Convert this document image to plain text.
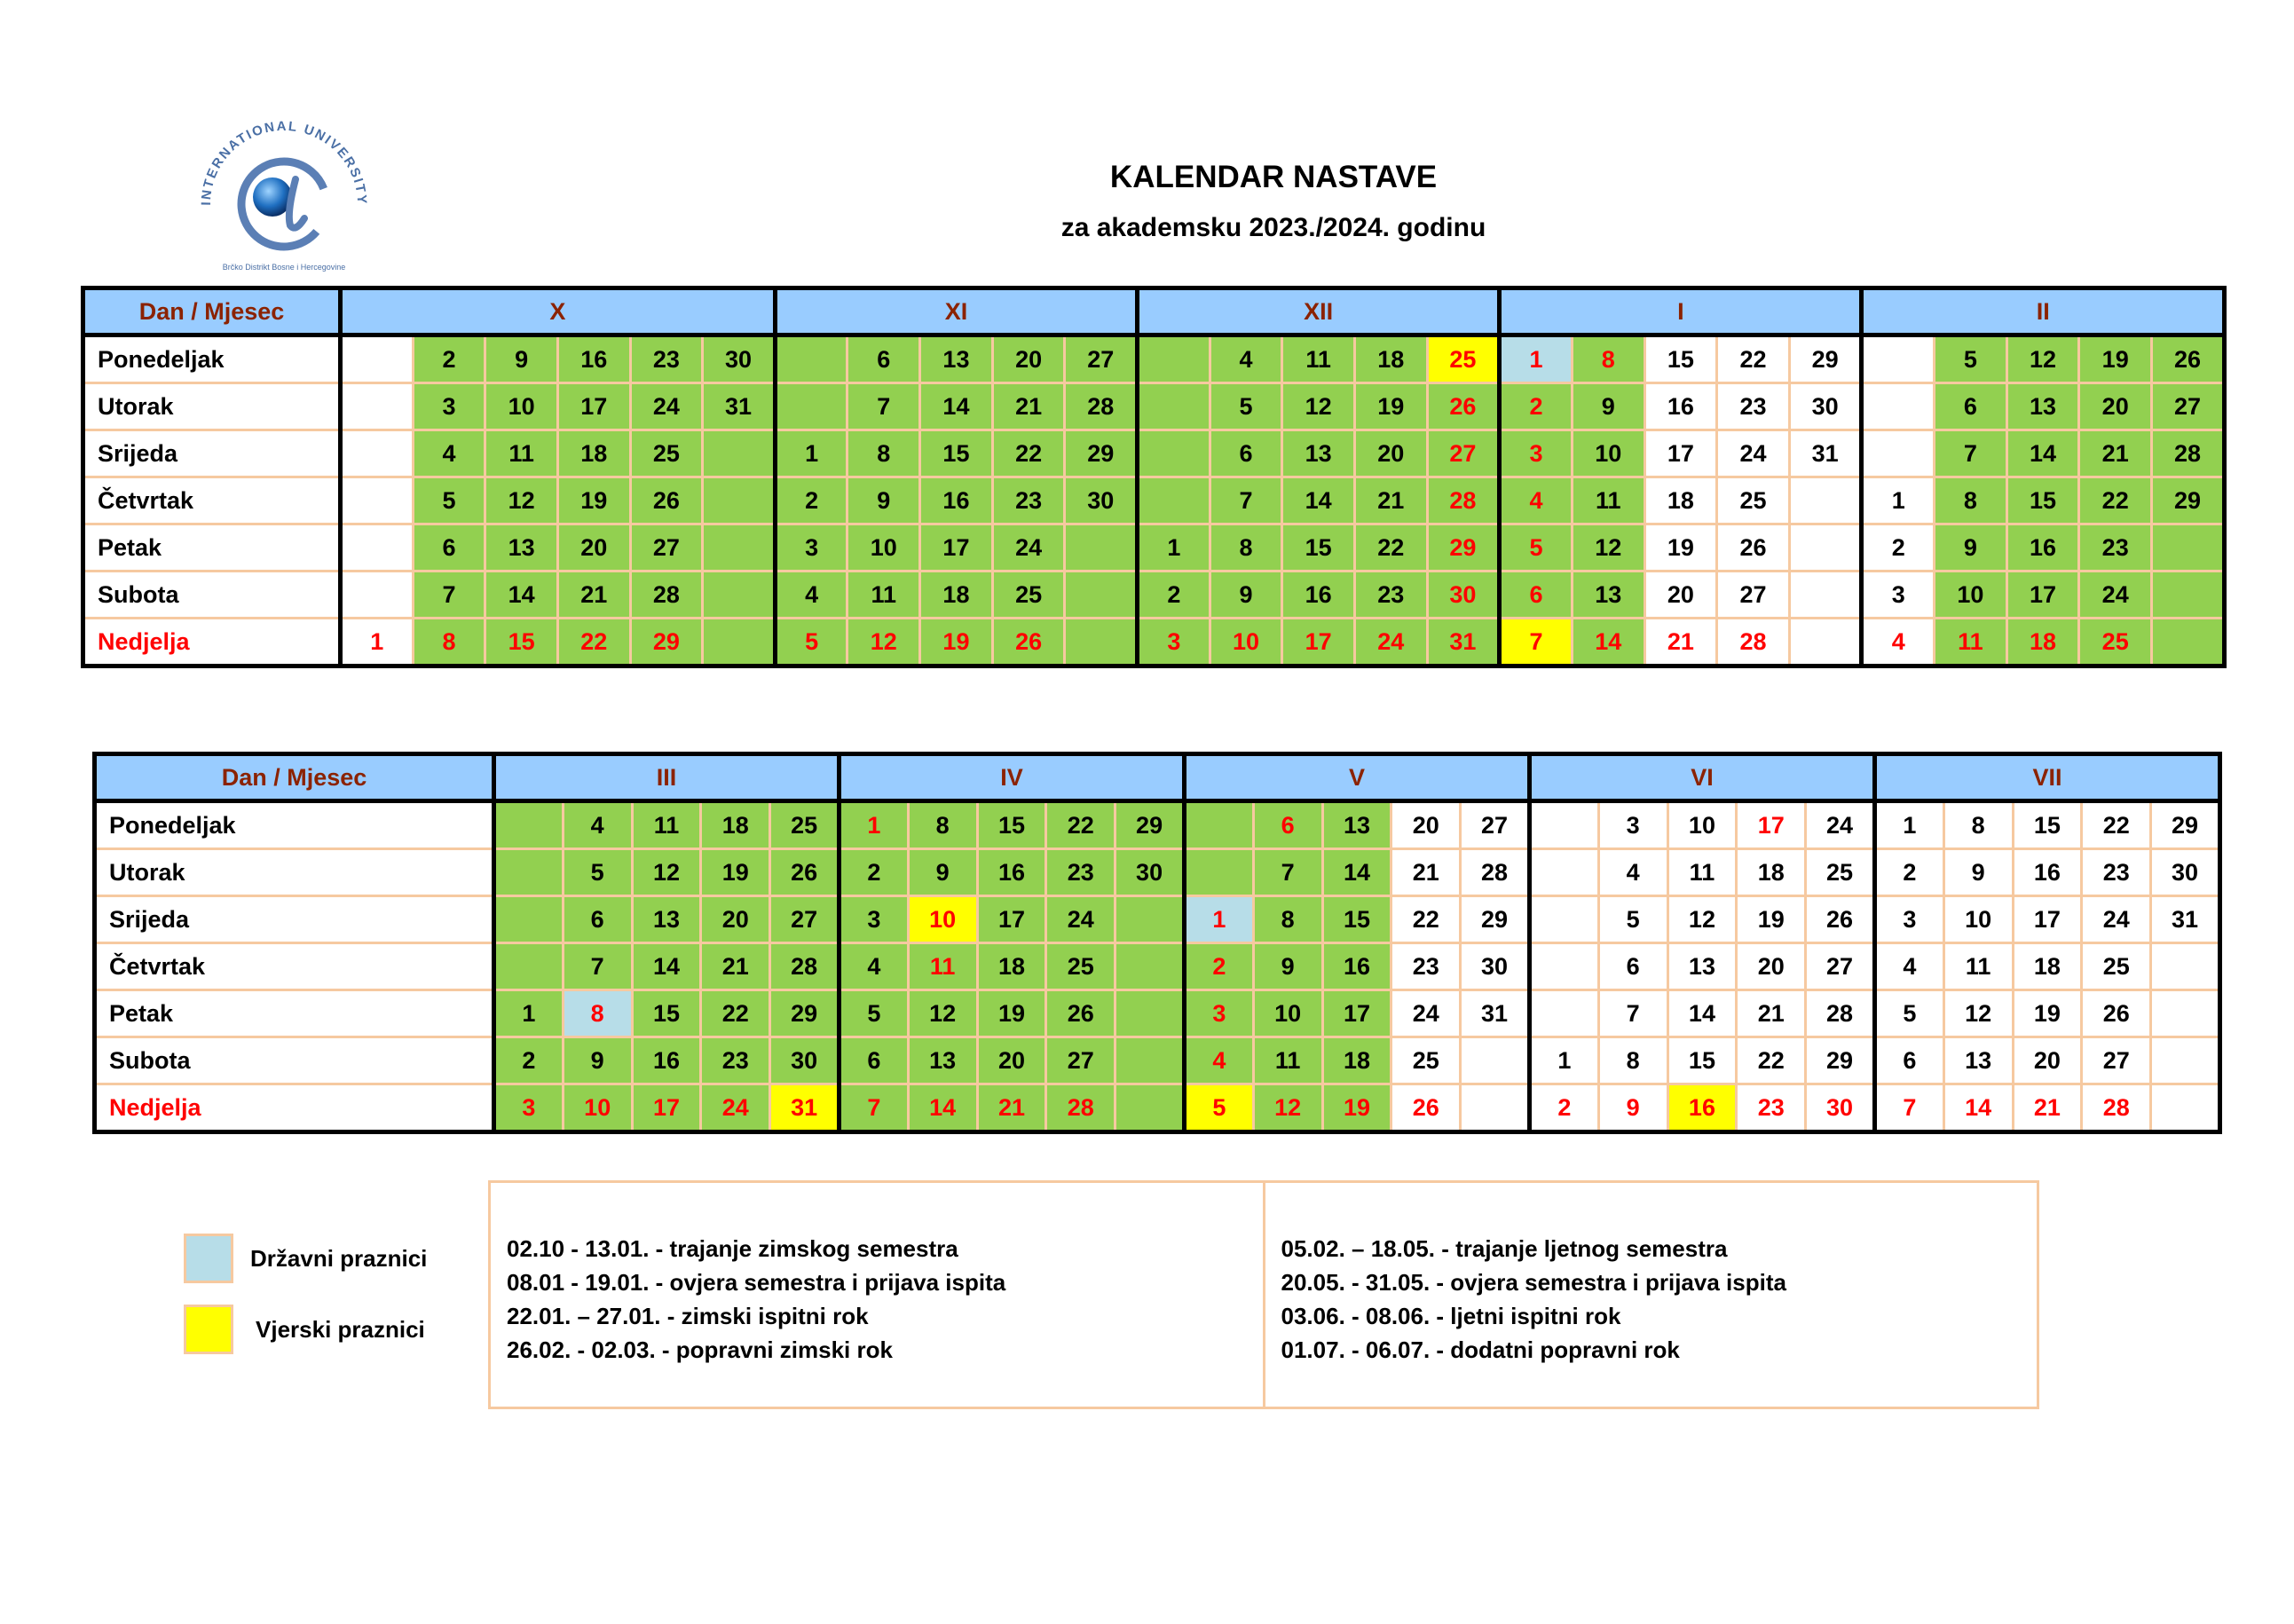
INTERNATIONAL UNIVERSITY
Brčko Distrikt Bosne i Hercegovine
KALENDAR NASTAVE
za akademsku 2023./2024. godinu
Dan / Mjesec	X						XI					XII					I					II				
Ponedeljak		2	9	16	23	30		6	13	20	27		4	11	18	25	1	8	15	22	29		5	12	19	26
Utorak		3	10	17	24	31		7	14	21	28		5	12	19	26	2	9	16	23	30		6	13	20	27
Srijeda		4	11	18	25		1	8	15	22	29		6	13	20	27	3	10	17	24	31		7	14	21	28
Četvrtak		5	12	19	26		2	9	16	23	30		7	14	21	28	4	11	18	25		1	8	15	22	29
Petak		6	13	20	27		3	10	17	24		1	8	15	22	29	5	12	19	26		2	9	16	23	
Subota		7	14	21	28		4	11	18	25		2	9	16	23	30	6	13	20	27		3	10	17	24	
Nedjelja	1	8	15	22	29		5	12	19	26		3	10	17	24	31	7	14	21	28		4	11	18	25	
Dan / Mjesec	III					IV					V					VI					VII				
Ponedeljak		4	11	18	25	1	8	15	22	29		6	13	20	27		3	10	17	24	1	8	15	22	29
Utorak		5	12	19	26	2	9	16	23	30		7	14	21	28		4	11	18	25	2	9	16	23	30
Srijeda		6	13	20	27	3	10	17	24		1	8	15	22	29		5	12	19	26	3	10	17	24	31
Četvrtak		7	14	21	28	4	11	18	25		2	9	16	23	30		6	13	20	27	4	11	18	25	
Petak	1	8	15	22	29	5	12	19	26		3	10	17	24	31		7	14	21	28	5	12	19	26	
Subota	2	9	16	23	30	6	13	20	27		4	11	18	25		1	8	15	22	29	6	13	20	27	
Nedjelja	3	10	17	24	31	7	14	21	28		5	12	19	26		2	9	16	23	30	7	14	21	28	
Državni praznici
Vjerski praznici
02.10 - 13.01. - trajanje zimskog semestra
08.01 - 19.01. - ovjera semestra i prijava ispita
22.01. – 27.01. - zimski ispitni rok
26.02. - 02.03. - popravni zimski rok
05.02. – 18.05. - trajanje ljetnog semestra
20.05. - 31.05. - ovjera semestra i prijava ispita
03.06. - 08.06. - ljetni ispitni rok
01.07. - 06.07. - dodatni popravni rok
